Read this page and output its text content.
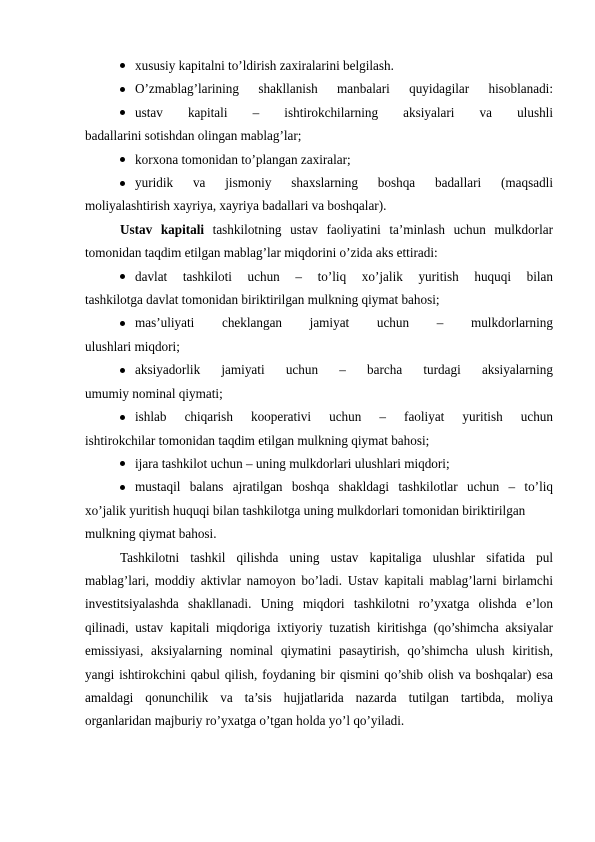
xususiy kapitalni to’ldirish zaxiralarini belgilash.
O’zmablag’larining shakllanish manbalari quyidagilar hisoblanadi:
ustav kapitali – ishtirokchilarning aksiyalari va ulushli
badallarini sotishdan olingan mablag’lar;
korxona tomonidan to’plangan zaxiralar;
yuridik va jismoniy shaxslarning boshqa badallari (maqsadli
moliyalashtirish xayriya, xayriya badallari va boshqalar).

Ustav kapitali tashkilotning ustav faoliyatini ta’minlash uchun mulkdorlar tomonidan taqdim etilgan mablag’lar miqdorini o’zida aks ettiradi:

davlat tashkiloti uchun – to’liq xo’jalik yuritish huquqi bilan
tashkilotga davlat tomonidan biriktirilgan mulkning qiymat bahosi;
mas’uliyati cheklangan jamiyat uchun – mulkdorlarning
ulushlari miqdori;
aksiyadorlik jamiyati uchun – barcha turdagi aksiyalarning
umumiy nominal qiymati;
ishlab chiqarish kooperativi uchun – faoliyat yuritish uchun
ishtirokchilar tomonidan taqdim etilgan mulkning qiymat bahosi;
ijara tashkilot uchun – uning mulkdorlari ulushlari miqdori;
mustaqil balans ajratilgan boshqa shakldagi tashkilotlar uchun – to’liq
xo’jalik yuritish huquqi bilan tashkilotga uning mulkdorlari tomonidan biriktirilgan mulkning qiymat bahosi.

Tashkilotni tashkil qilishda uning ustav kapitaliga ulushlar sifatida pul mablag’lari, moddiy aktivlar namoyon bo’ladi. Ustav kapitali mablag’larni birlamchi investitsiyalashda shakllanadi. Uning miqdori tashkilotni ro’yxatga olishda e’lon qilinadi, ustav kapitali miqdoriga ixtiyoriy tuzatish kiritishga (qo’shimcha aksiyalar emissiyasi, aksiyalarning nominal qiymatini pasaytirish, qo’shimcha ulush kiritish, yangi ishtirokchini qabul qilish, foydaning bir qismini qo’shib olish va boshqalar) esa amaldagi qonunchilik va ta’sis hujjatlarida nazarda tutilgan tartibda, moliya organlaridan majburiy ro’yxatga o’tgan holda yo’l qo’yiladi.
